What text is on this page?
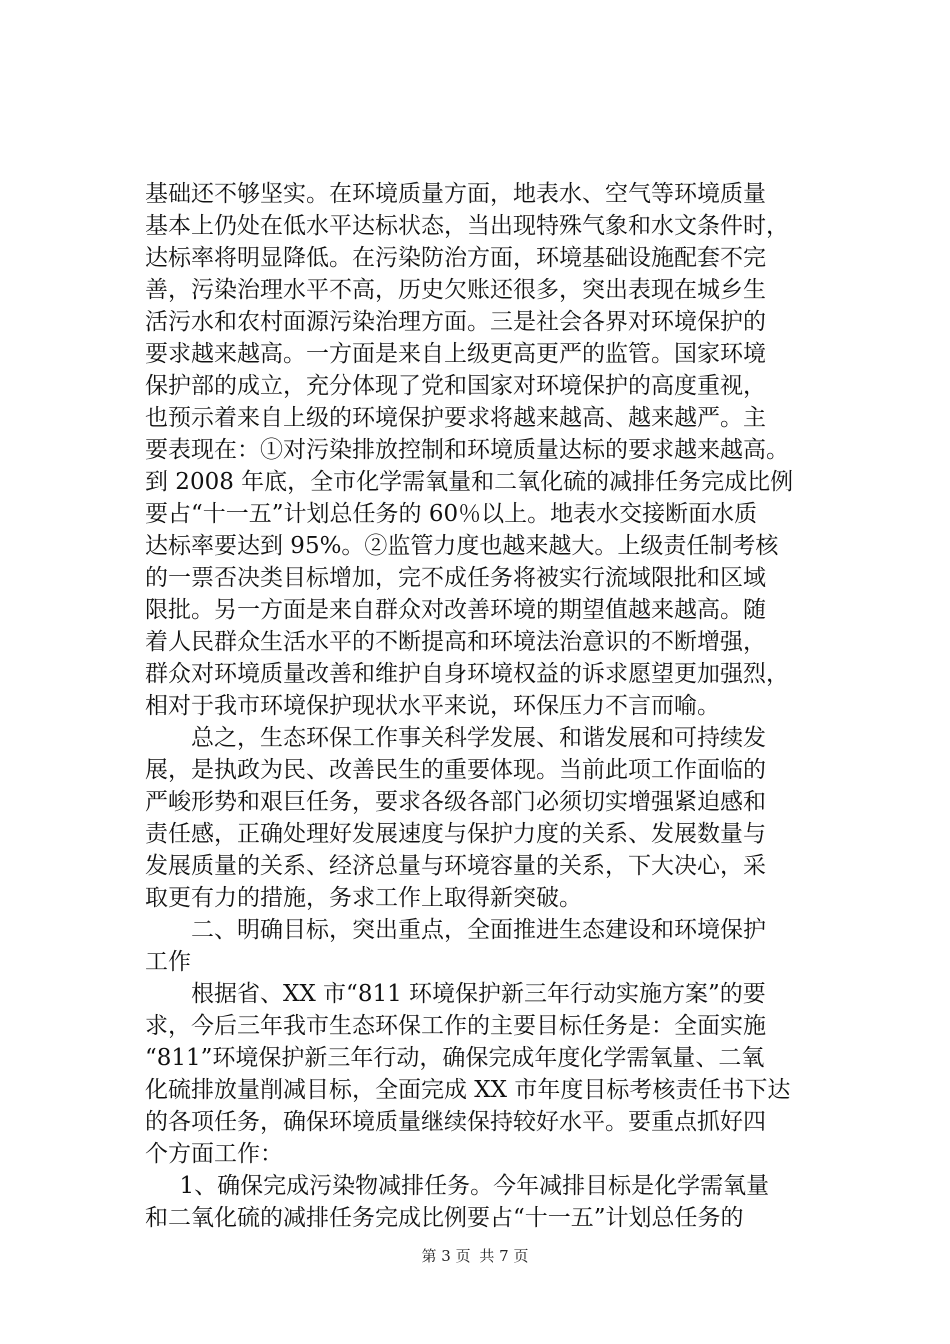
基础还不够坚实。在环境质量方面，地表水、空气等环境质量
基本上仍处在低水平达标状态，当出现特殊气象和水文条件时，
达标率将明显降低。在污染防治方面，环境基础设施配套不完
善，污染治理水平不高，历史欠账还很多，突出表现在城乡生
活污水和农村面源污染治理方面。三是社会各界对环境保护的
要求越来越高。一方面是来自上级更高更严的监管。国家环境
保护部的成立，充分体现了党和国家对环境保护的高度重视，
也预示着来自上级的环境保护要求将越来越高、越来越严。主
要表现在：①对污染排放控制和环境质量达标的要求越来越高。
到 2008 年底，全市化学需氧量和二氧化硫的减排任务完成比例
要占“十一五”计划总任务的 60％以上。地表水交接断面水质
达标率要达到 95%。②监管力度也越来越大。上级责任制考核
的一票否决类目标增加，完不成任务将被实行流域限批和区域
限批。另一方面是来自群众对改善环境的期望值越来越高。随
着人民群众生活水平的不断提高和环境法治意识的不断增强，
群众对环境质量改善和维护自身环境权益的诉求愿望更加强烈，
相对于我市环境保护现状水平来说，环保压力不言而喻。
总之，生态环保工作事关科学发展、和谐发展和可持续发
展，是执政为民、改善民生的重要体现。当前此项工作面临的
严峻形势和艰巨任务，要求各级各部门必须切实增强紧迫感和
责任感，正确处理好发展速度与保护力度的关系、发展数量与
发展质量的关系、经济总量与环境容量的关系，下大决心，采
取更有力的措施，务求工作上取得新突破。
二、明确目标，突出重点，全面推进生态建设和环境保护
工作
根据省、XX 市“811 环境保护新三年行动实施方案”的要
求，今后三年我市生态环保工作的主要目标任务是：全面实施
“811”环境保护新三年行动，确保完成年度化学需氧量、二氧
化硫排放量削减目标，全面完成 XX 市年度目标考核责任书下达
的各项任务，确保环境质量继续保持较好水平。要重点抓好四
个方面工作：
1、确保完成污染物减排任务。今年减排目标是化学需氧量
和二氧化硫的减排任务完成比例要占“十一五”计划总任务的
第 3 页 共 7 页
